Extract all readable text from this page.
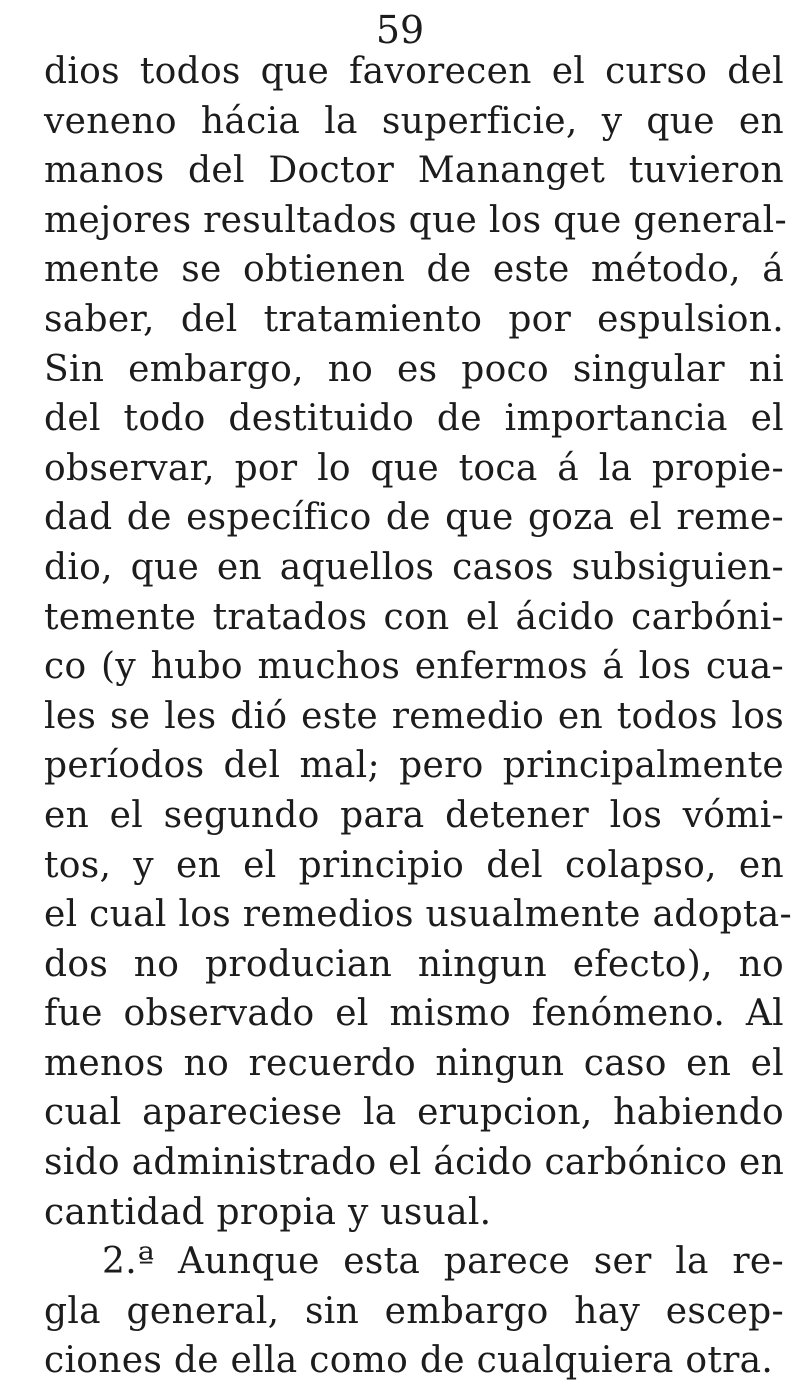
59
dios todos que favorecen el curso del
veneno hácia la superficie, y que en
manos del Doctor Mananget tuvieron
mejores resultados que los que general-
mente se obtienen de este método, á
saber, del tratamiento por espulsion.
Sin embargo, no es poco singular ni
del todo destituido de importancia el
observar, por lo que toca á la propie-
dad de específico de que goza el reme-
dio, que en aquellos casos subsiguien-
temente tratados con el ácido carbóni-
co (y hubo muchos enfermos á los cua-
les se les dió este remedio en todos los
períodos del mal; pero principalmente
en el segundo para detener los vómi-
tos, y en el principio del colapso, en
el cual los remedios usualmente adopta-
dos no producian ningun efecto), no
fue observado el mismo fenómeno. Al
menos no recuerdo ningun caso en el
cual apareciese la erupcion, habiendo
sido administrado el ácido carbónico en
cantidad propia y usual.
2.ª Aunque esta parece ser la re-
gla general, sin embargo hay escep-
ciones de ella como de cualquiera otra.
